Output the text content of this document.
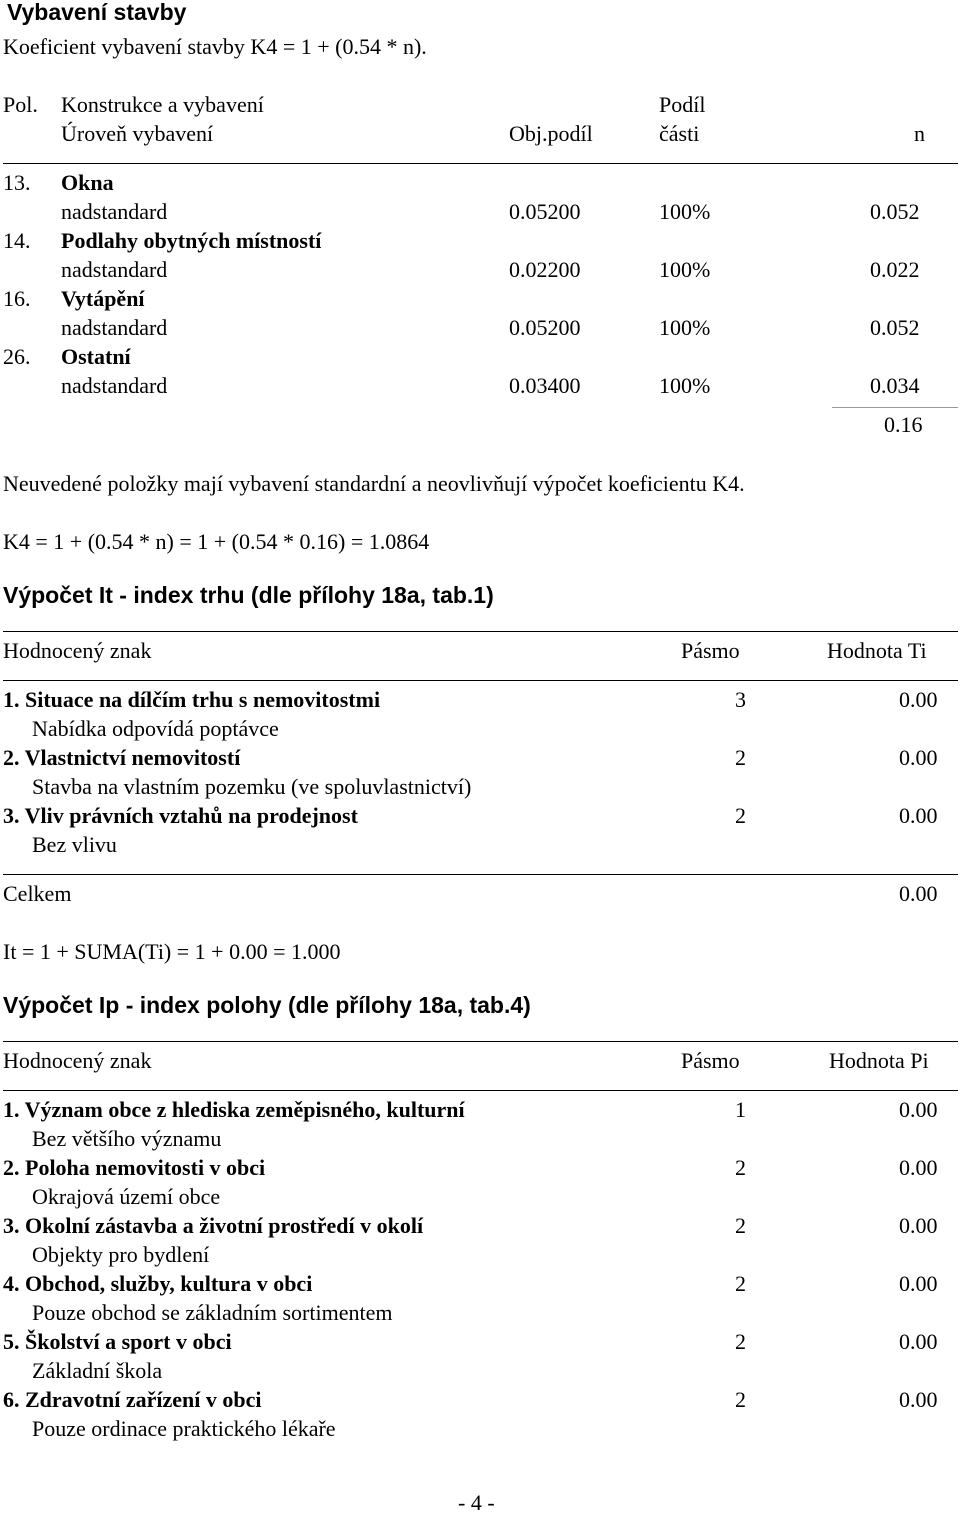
Vybavení stavby
Koeficient vybavení stavby K4 = 1 + (0.54 * n).
Pol. Konstrukce a vybavení	Podíl
Úroveň vybavení	Obj.podíl	části	n
13. Okna
nadstandard	0.05200	100%	0.052
14. Podlahy obytných místností
nadstandard	0.02200	100%	0.022
16. Vytápění
nadstandard	0.05200	100%	0.052
26. Ostatní
nadstandard	0.03400	100%	0.034
0.16
Neuvedené položky mají vybavení standardní a neovlivňují výpočet koeficientu K4.
K4 = 1 + (0.54 * n) = 1 + (0.54 * 0.16) = 1.0864
Výpočet It - index trhu (dle přílohy 18a, tab.1)
Hodnocený znak	Pásmo	Hodnota Ti
1. Situace na dílčím trhu s nemovitostmi	3	0.00
Nabídka odpovídá poptávce
2. Vlastnictví nemovitostí	2	0.00
Stavba na vlastním pozemku (ve spoluvlastnictví)
3. Vliv právních vztahů na prodejnost	2	0.00
Bez vlivu
Celkem	0.00
It = 1 + SUMA(Ti) = 1 + 0.00 = 1.000
Výpočet Ip - index polohy (dle přílohy 18a, tab.4)
Hodnocený znak	Pásmo	Hodnota Pi
1. Význam obce z hlediska zeměpisného, kulturní	1	0.00
Bez většího významu
2. Poloha nemovitosti v obci	2	0.00
Okrajová území obce
3. Okolní zástavba a životní prostředí v okolí	2	0.00
Objekty pro bydlení
4. Obchod, služby, kultura v obci	2	0.00
Pouze obchod se základním sortimentem
5. Školství a sport v obci	2	0.00
Základní škola
6. Zdravotní zařízení v obci	2	0.00
Pouze ordinace praktického lékaře
- 4 -
